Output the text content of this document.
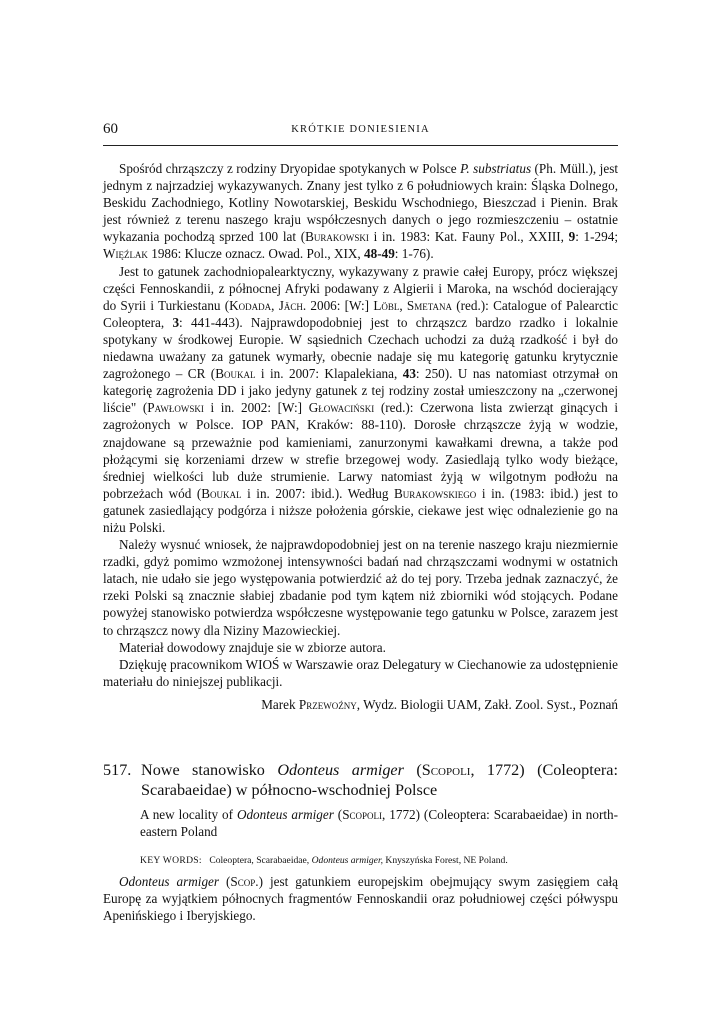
60	KRÓTKIE DONIESIENIA

Spośród chrząszczy z rodziny Dryopidae spotykanych w Polsce P. substriatus (Ph. Müll.), jest jednym z najrzadziej wykazywanych. Znany jest tylko z 6 południowych krain: Śląska Dolnego, Beskidu Zachodniego, Kotliny Nowotarskiej, Beskidu Wschodniego, Bieszczad i Pienin. Brak jest również z terenu naszego kraju współczesnych danych o jego rozmieszczeniu – ostatnie wykazania pochodzą sprzed 100 lat (Burakowski i in. 1983: Kat. Fauny Pol., XXIII, 9: 1-294; Więźlak 1986: Klucze oznacz. Owad. Pol., XIX, 48-49: 1-76).

Jest to gatunek zachodniopalearktyczny, wykazywany z prawie całej Europy, prócz większej części Fennoskandii, z północnej Afryki podawany z Algierii i Maroka, na wschód docierający do Syrii i Turkiestanu (Kodada, Jäch. 2006: [W:] Löbl, Smetana (red.): Catalogue of Palearctic Coleoptera, 3: 441-443). Najprawdopodobniej jest to chrząszcz bardzo rzadko i lokalnie spotykany w środkowej Europie. W sąsiednich Czechach uchodzi za dużą rzadkość i był do niedawna uważany za gatunek wymarły, obecnie nadaje się mu kategorię gatunku krytycznie zagrożonego – CR (Boukal i in. 2007: Klapalekiana, 43: 250). U nas natomiast otrzymał on kategorię zagrożenia DD i jako jedyny gatunek z tej rodziny został umieszczony na „czerwonej liście" (Pawłowski i in. 2002: [W:] Głowaciński (red.): Czerwona lista zwierząt ginących i zagrożonych w Polsce. IOP PAN, Kraków: 88-110). Dorosłe chrząszcze żyją w wodzie, znajdowane są przeważnie pod kamieniami, zanurzonymi kawałkami drewna, a także pod płożącymi się korzeniami drzew w strefie brzegowej wody. Zasiedlają tylko wody bieżące, średniej wielkości lub duże strumienie. Larwy natomiast żyją w wilgotnym podłożu na pobrzeżach wód (Boukal i in. 2007: ibid.). Według Burakowskiego i in. (1983: ibid.) jest to gatunek zasiedlający podgórza i niższe położenia górskie, ciekawe jest więc odnalezienie go na niżu Polski.

Należy wysnuć wniosek, że najprawdopodobniej jest on na terenie naszego kraju niezmiernie rzadki, gdyż pomimo wzmożonej intensywności badań nad chrząszczami wodnymi w ostatnich latach, nie udało sie jego występowania potwierdzić aż do tej pory. Trzeba jednak zaznaczyć, że rzeki Polski są znacznie słabiej zbadanie pod tym kątem niż zbiorniki wód stojących. Podane powyżej stanowisko potwierdza współczesne występowanie tego gatunku w Polsce, zarazem jest to chrząszcz nowy dla Niziny Mazowieckiej.

Materiał dowodowy znajduje sie w zbiorze autora.

Dziękuję pracownikom WIOŚ w Warszawie oraz Delegatury w Ciechanowie za udostępnienie materiału do niniejszej publikacji.

Marek Przewoźny, Wydz. Biologii UAM, Zakł. Zool. Syst., Poznań

517. Nowe stanowisko Odonteus armiger (Scopoli, 1772) (Coleoptera: Scarabaeidae) w północno-wschodniej Polsce
A new locality of Odonteus armiger (Scopoli, 1772) (Coleoptera: Scarabaeidae) in north-eastern Poland
KEY WORDS: Coleoptera, Scarabaeidae, Odonteus armiger, Knyszyńska Forest, NE Poland.

Odonteus armiger (Scop.) jest gatunkiem europejskim obejmujący swym zasięgiem całą Europę za wyjątkiem północnych fragmentów Fennoskandii oraz południowej części półwyspu Apenińskiego i Iberyjskiego.
